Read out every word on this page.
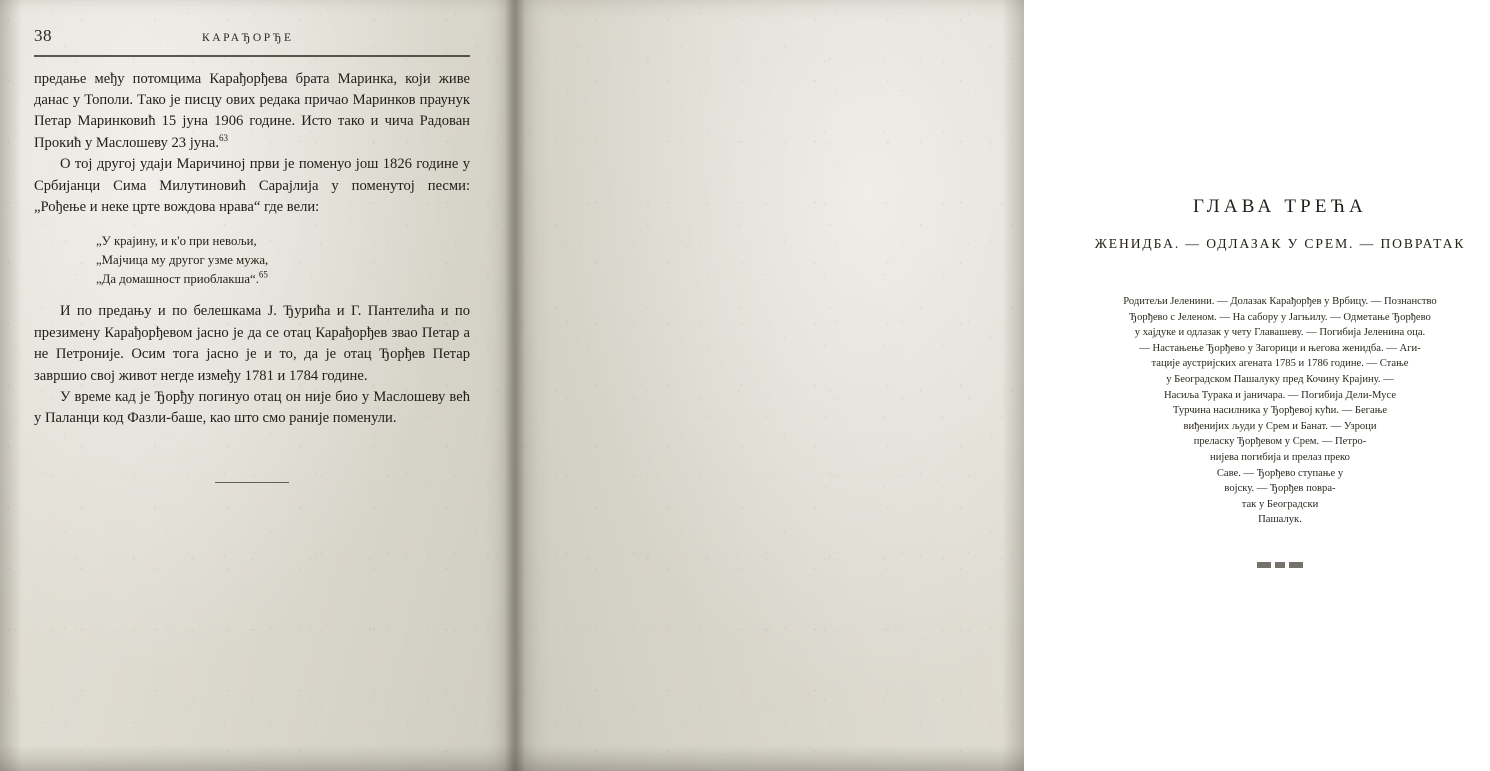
38	КАРАЂОРЂЕ

предање међу потомцима Карађорђева брата Маринка, који живе данас у Тополи. Тако је писцу ових редака причао Маринков праунук Петар Маринковић 15 јуна 1906 године. Исто тако и чича Радован Прокић у Маслошеву 23 јуна.$^{63}$

О тој другој удаји Маричиној први је поменуо још 1826 године у Србијанци Сима Милутиновић Сарајлија у поменутој песми: „Рођење и неке црте вождова нрава“ где вели:

„У крајину, и к'о при невољи,
„Мајчица му другог узме мужа,
„Да домашност приоблакша“.$^{65}$

И по предању и по белешкама Ј. Ђурића и Г. Пантелића и по презимену Карађорђевом јасно је да се отац Карађорђев звао Петар а не Петроније. Осим тога јасно је и то, да је отац Ђорђев Петар завршио свој живот негде између 1781 и 1784 године.

У време кад је Ђорђу погинуо отац он није био у Маслошеву већ у Паланци код Фазли-баше, као што смо раније поменули.

ГЛАВА ТРЕЋА
ЖЕНИДБА. — ОДЛАЗАК У СРЕМ. — ПОВРАТАК
Родитељи Јеленини. — Долазак Карађорђев у Врбицу. — Познанство
Ђорђево с Јеленом. — На сабору у Јагњилу. — Одметање Ђорђево
у хајдуке и одлазак у чету Главашеву. — Погибија Јеленина оца.
— Настањење Ђорђево у Загорици и његова женидба. — Аги-
тације аустријских агената 1785 и 1786 године. — Стање
у Београдском Пашалуку пред Кочину Крајину. —
Насиља Турака и јаничара. — Погибија Дели-Мусе
Турчина насилника у Ђорђевој кући. — Бегање
виђенијих људи у Срем и Банат. — Узроци
преласку Ђорђевом у Срем. — Петро-
нијева погибија и прелаз преко
Саве. — Ђорђево ступање у
војску. — Ђорђев повра-
так у Београдски
Пашалук.
